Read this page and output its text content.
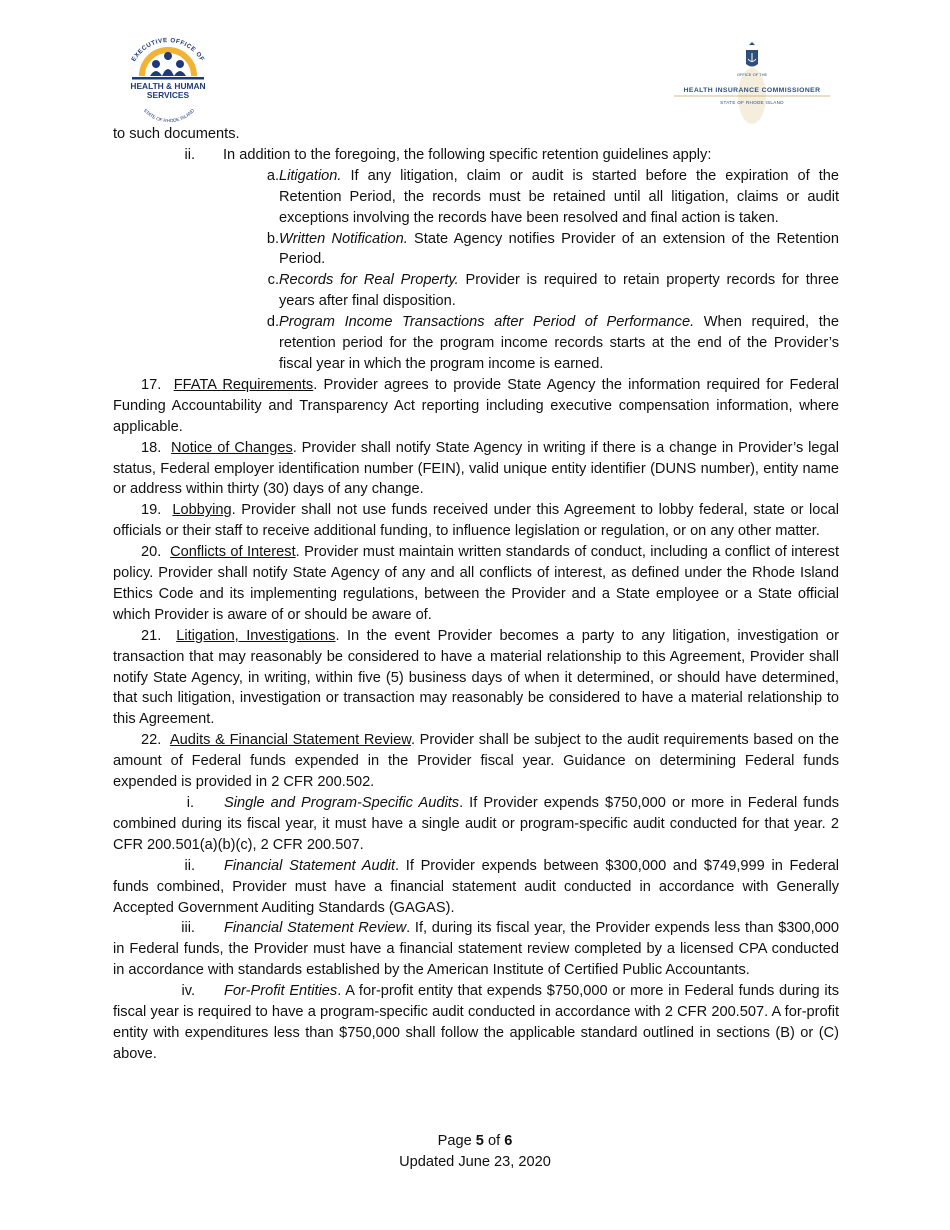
EXECUTIVE OFFICE OF
HEALTH & HUMAN
SERVICES
STATE OF RHODE ISLAND
OFFICE OF THE
HEALTH INSURANCE COMMISSIONER
STATE OF RHODE ISLAND

to such documents.

ii.	In addition to the foregoing, the following specific retention guidelines apply:
a. Litigation. If any litigation, claim or audit is started before the expiration of the Retention Period, the records must be retained until all litigation, claims or audit exceptions involving the records have been resolved and final action is taken.
b. Written Notification. State Agency notifies Provider of an extension of the Retention Period.
c. Records for Real Property. Provider is required to retain property records for three years after final disposition.
d. Program Income Transactions after Period of Performance. When required, the retention period for the program income records starts at the end of the Provider’s fiscal year in which the program income is earned.

17. FFATA Requirements. Provider agrees to provide State Agency the information required for Federal Funding Accountability and Transparency Act reporting including executive compensation information, where applicable.

18. Notice of Changes. Provider shall notify State Agency in writing if there is a change in Provider’s legal status, Federal employer identification number (FEIN), valid unique entity identifier (DUNS number), entity name or address within thirty (30) days of any change.

19. Lobbying. Provider shall not use funds received under this Agreement to lobby federal, state or local officials or their staff to receive additional funding, to influence legislation or regulation, or on any other matter.

20. Conflicts of Interest. Provider must maintain written standards of conduct, including a conflict of interest policy. Provider shall notify State Agency of any and all conflicts of interest, as defined under the Rhode Island Ethics Code and its implementing regulations, between the Provider and a State employee or a State official which Provider is aware of or should be aware of.

21. Litigation, Investigations. In the event Provider becomes a party to any litigation, investigation or transaction that may reasonably be considered to have a material relationship to this Agreement, Provider shall notify State Agency, in writing, within five (5) business days of when it determined, or should have determined, that such litigation, investigation or transaction may reasonably be considered to have a material relationship to this Agreement.

22. Audits & Financial Statement Review. Provider shall be subject to the audit requirements based on the amount of Federal funds expended in the Provider fiscal year. Guidance on determining Federal funds expended is provided in 2 CFR 200.502.

i. Single and Program-Specific Audits. If Provider expends $750,000 or more in Federal funds combined during its fiscal year, it must have a single audit or program-specific audit conducted for that year. 2 CFR 200.501(a)(b)(c), 2 CFR 200.507.

ii. Financial Statement Audit. If Provider expends between $300,000 and $749,999 in Federal funds combined, Provider must have a financial statement audit conducted in accordance with Generally Accepted Government Auditing Standards (GAGAS).

iii. Financial Statement Review. If, during its fiscal year, the Provider expends less than $300,000 in Federal funds, the Provider must have a financial statement review completed by a licensed CPA conducted in accordance with standards established by the American Institute of Certified Public Accountants.

iv. For-Profit Entities. A for-profit entity that expends $750,000 or more in Federal funds during its fiscal year is required to have a program-specific audit conducted in accordance with 2 CFR 200.507. A for-profit entity with expenditures less than $750,000 shall follow the applicable standard outlined in sections (B) or (C) above.

Page 5 of 6
Updated June 23, 2020
